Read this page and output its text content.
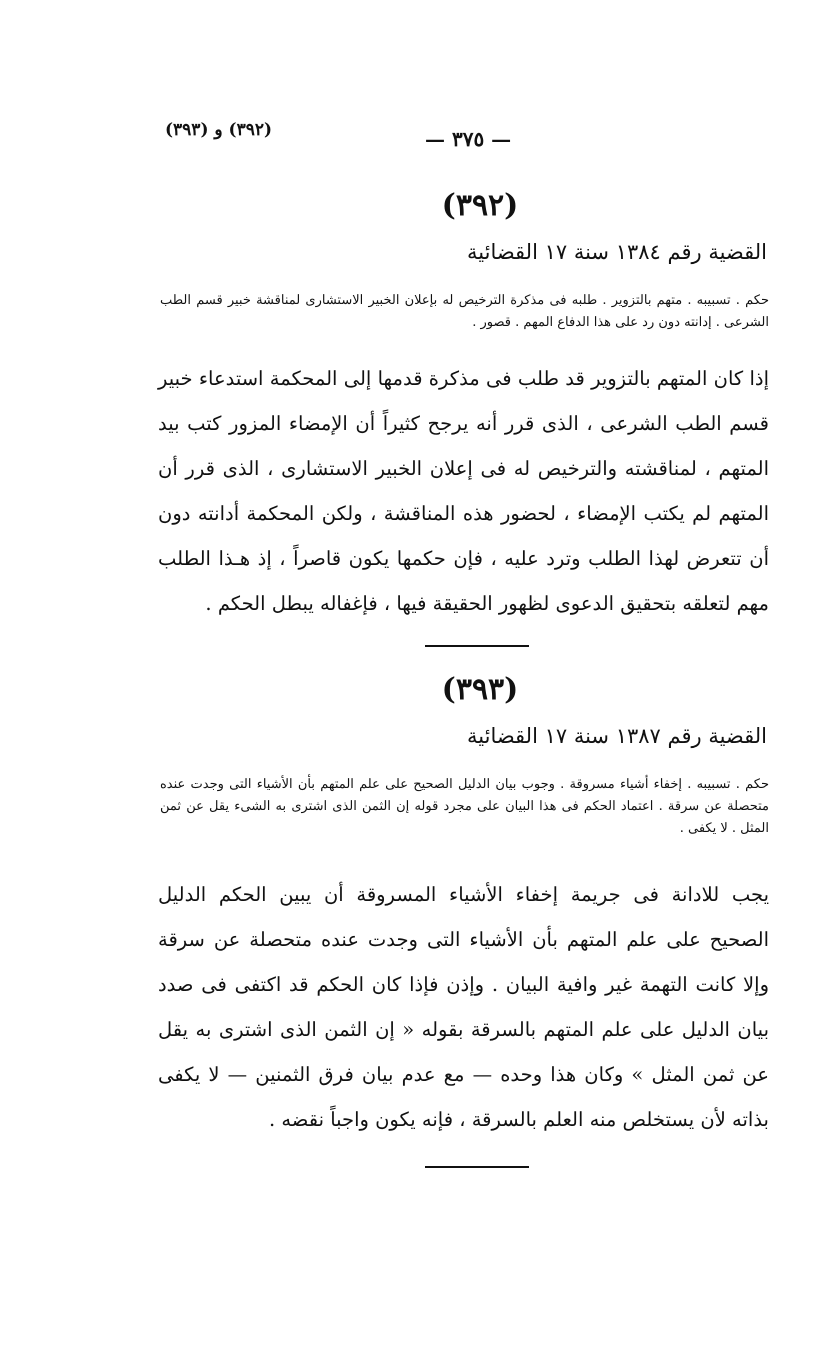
(٣٩٢) و (٣٩٣)	— ٣٧٥ —
(٣٩٢)
القضية رقم ١٣٨٤ سنة ١٧ القضائية
حكم . تسبيبه . متهم بالتزوير . طلبه فى مذكرة الترخيص له بإعلان الخبير الاستشارى لمناقشة خبير قسم الطب الشرعى . إدانته دون رد على هذا الدفاع المهم . قصور .
إذا كان المتهم بالتزوير قد طلب فى مذكرة قدمها إلى المحكمة استدعاء خبير قسم الطب الشرعى ، الذى قرر أنه يرجح كثيراً أن الإمضاء المزور كتب بيد المتهم ، لمناقشته والترخيص له فى إعلان الخبير الاستشارى ، الذى قرر أن المتهم لم يكتب الإمضاء ، لحضور هذه المناقشة ، ولكن المحكمة أدانته دون أن تتعرض لهذا الطلب وترد عليه ، فإن حكمها يكون قاصراً ، إذ هـذا الطلب مهم لتعلقه بتحقيق الدعوى لظهور الحقيقة فيها ، فإغفاله يبطل الحكم .
(٣٩٣)
القضية رقم ١٣٨٧ سنة ١٧ القضائية
حكم . تسبيبه . إخفاء أشياء مسروقة . وجوب بيان الدليل الصحيح على علم المتهم بأن الأشياء التى وجدت عنده متحصلة عن سرقة . اعتماد الحكم فى هذا البيان على مجرد قوله إن الثمن الذى اشترى به الشىء يقل عن ثمن المثل . لا يكفى .
يجب للادانة فى جريمة إخفاء الأشياء المسروقة أن يبين الحكم الدليل الصحيح على علم المتهم بأن الأشياء التى وجدت عنده متحصلة عن سرقة وإلا كانت التهمة غير وافية البيان . وإذن فإذا كان الحكم قد اكتفى فى صدد بيان الدليل على علم المتهم بالسرقة بقوله « إن الثمن الذى اشترى به يقل عن ثمن المثل » وكان هذا وحده — مع عدم بيان فرق الثمنين — لا يكفى بذاته لأن يستخلص منه العلم بالسرقة ، فإنه يكون واجباً نقضه .
